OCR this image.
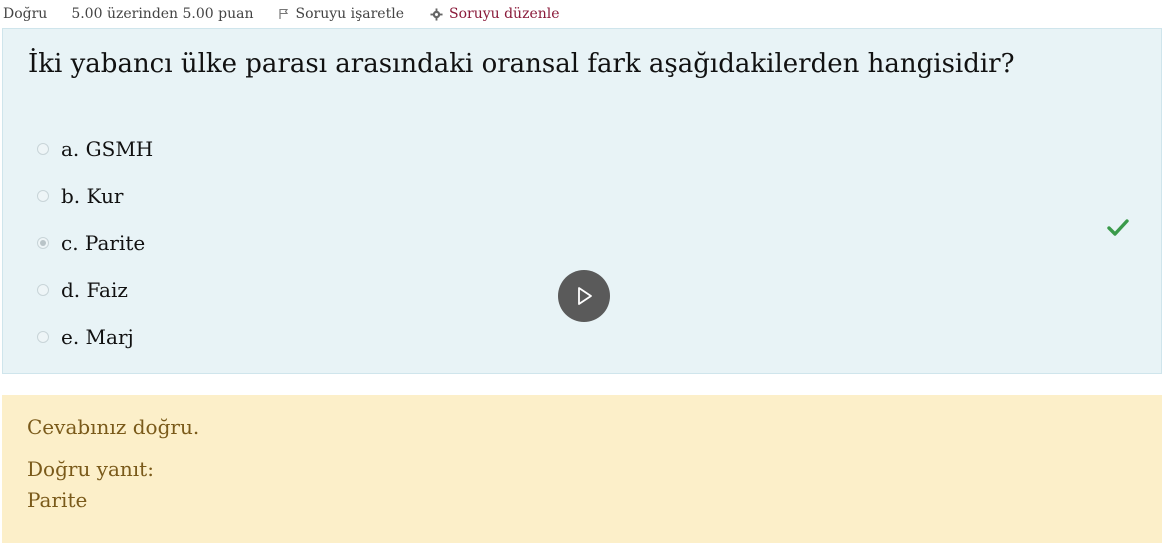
Doğru 5.00 üzerinden 5.00 puan	Soruyu işaretle	Soruyu düzenle
İki yabancı ülke parası arasındaki oransal fark aşağıdakilerden hangisidir?
a. GSMH
b. Kur
c. Parite
d. Faiz
e. Marj
Cevabınız doğru.
Doğru yanıt:
Parite
